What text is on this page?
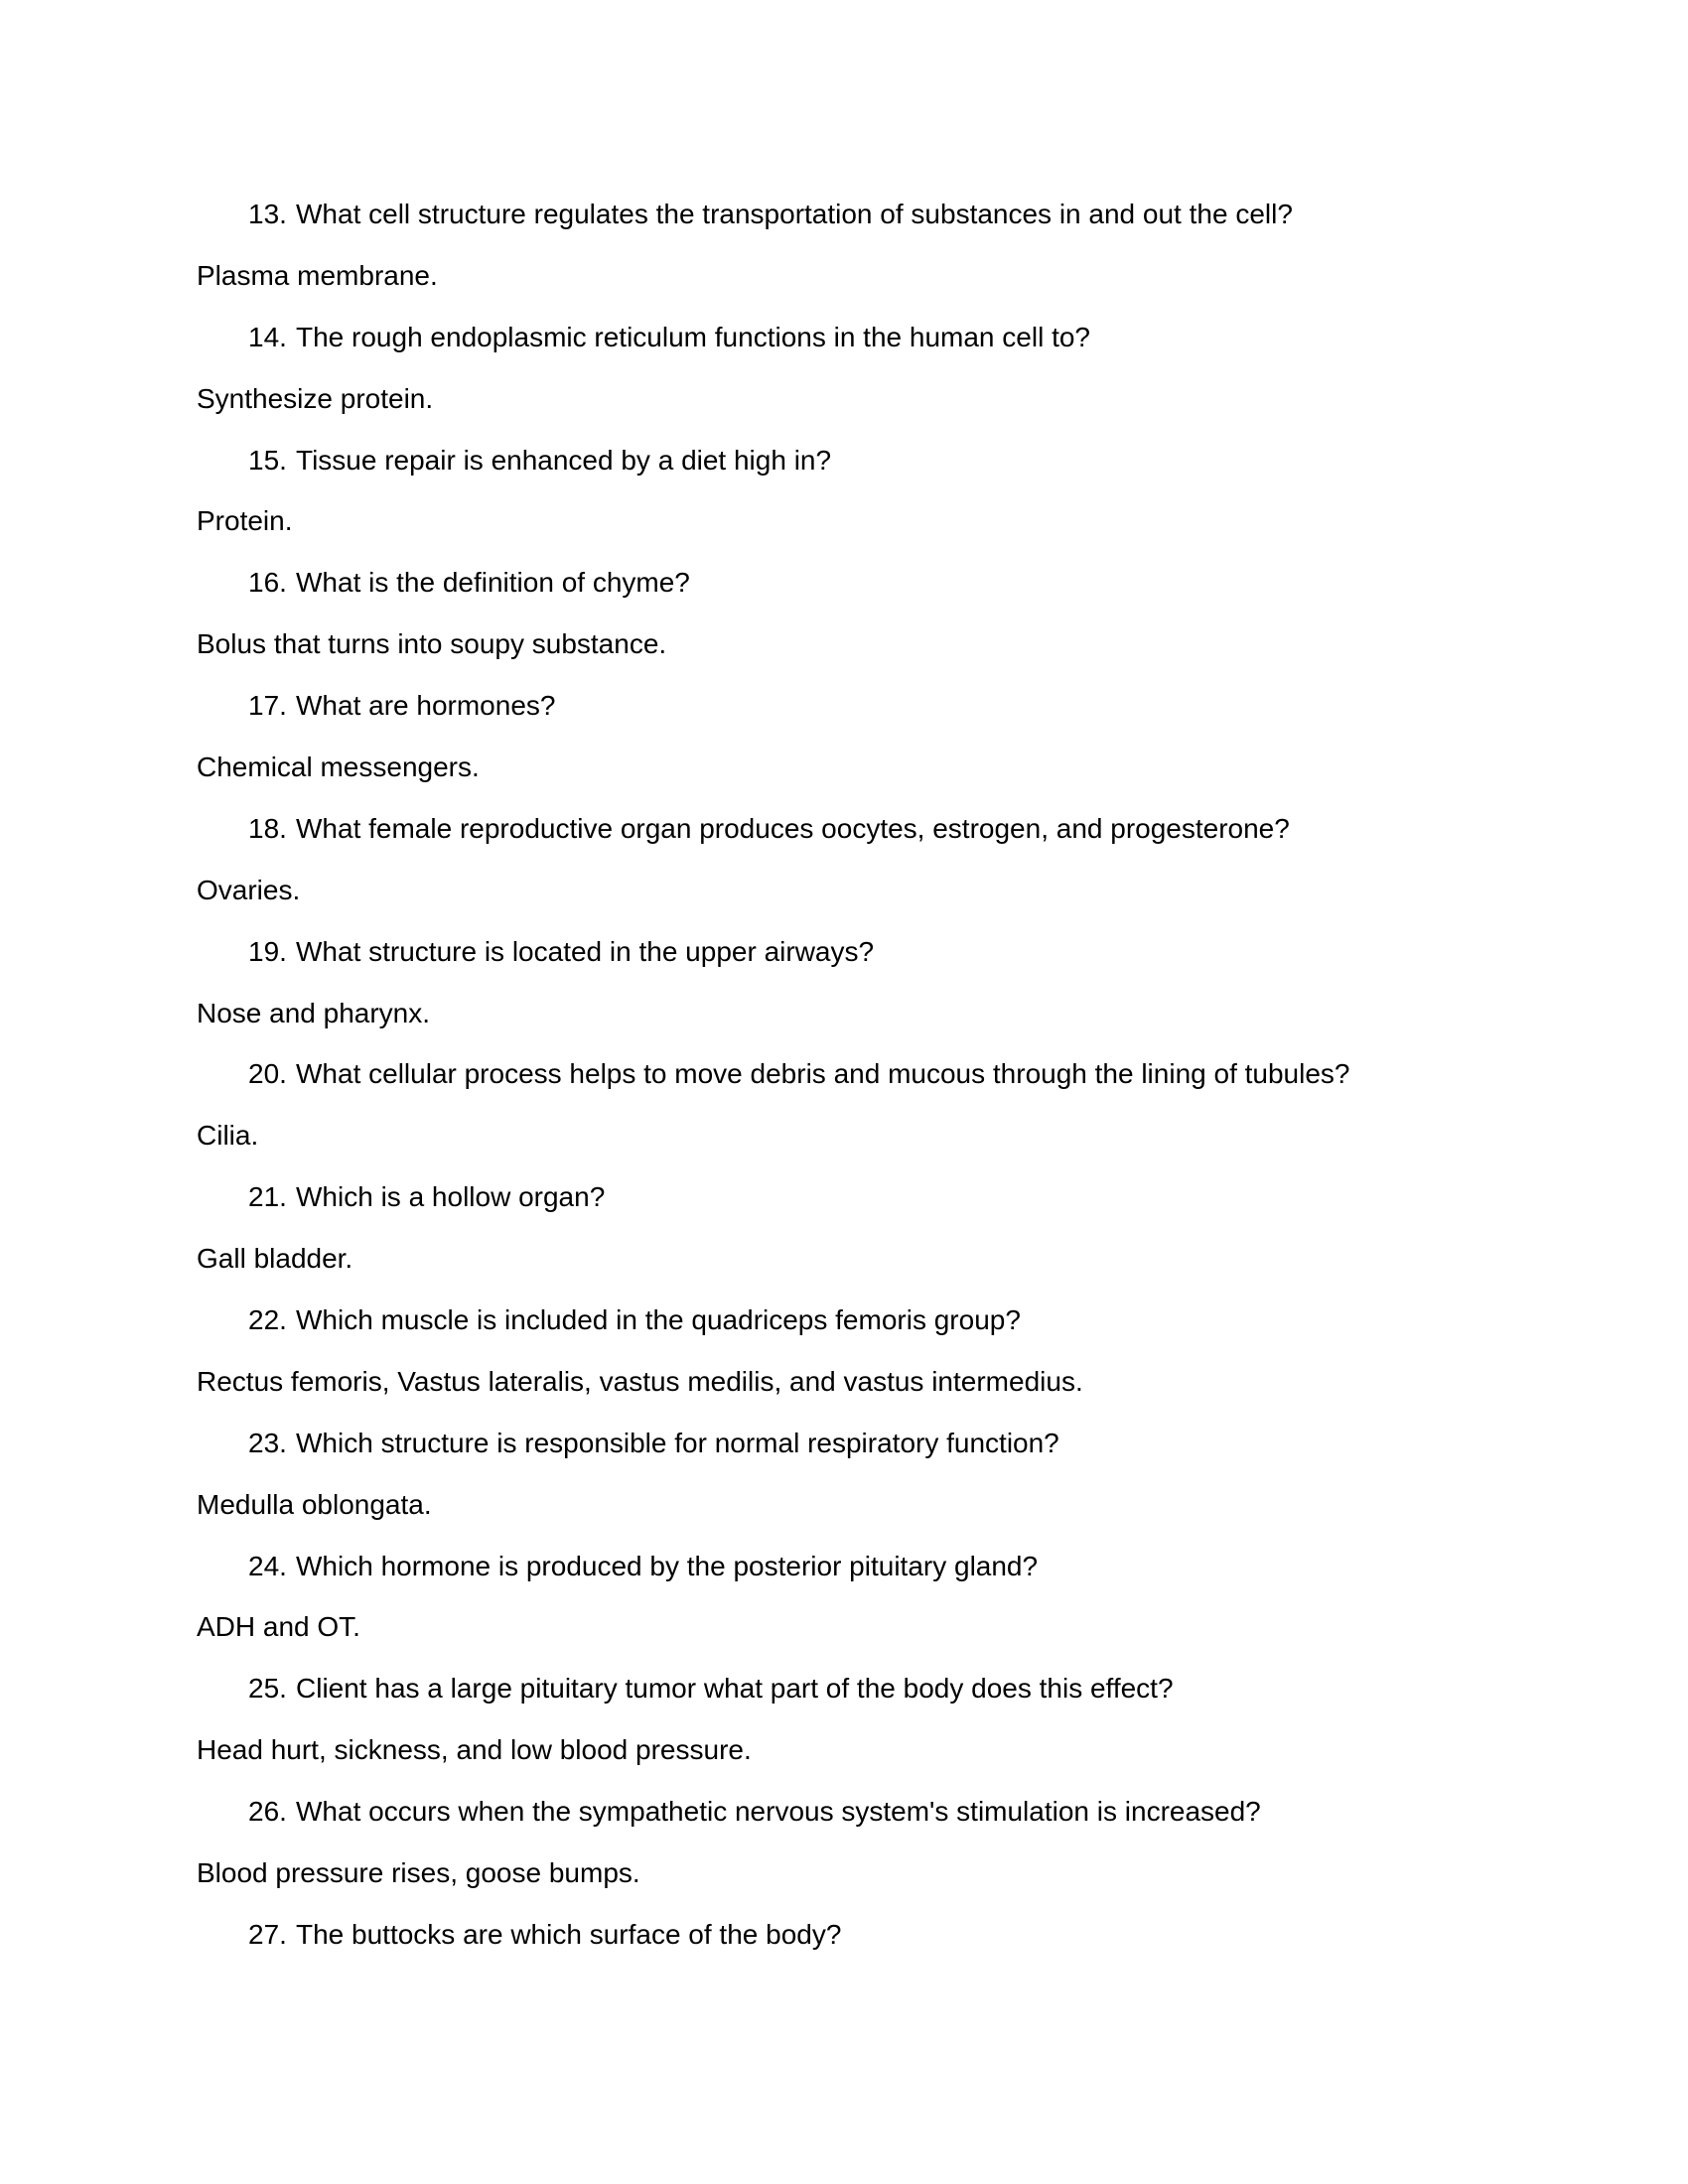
13. What cell structure regulates the transportation of substances in and out the cell?
Plasma membrane.
14. The rough endoplasmic reticulum functions in the human cell to?
Synthesize protein.
15. Tissue repair is enhanced by a diet high in?
Protein.
16. What is the definition of chyme?
Bolus that turns into soupy substance.
17. What are hormones?
Chemical messengers.
18. What female reproductive organ produces oocytes, estrogen, and progesterone?
Ovaries.
19. What structure is located in the upper airways?
Nose and pharynx.
20. What cellular process helps to move debris and mucous through the lining of tubules?
Cilia.
21. Which is a hollow organ?
Gall bladder.
22. Which muscle is included in the quadriceps femoris group?
Rectus femoris, Vastus lateralis, vastus medilis, and vastus intermedius.
23. Which structure is responsible for normal respiratory function?
Medulla oblongata.
24. Which hormone is produced by the posterior pituitary gland?
ADH and OT.
25. Client has a large pituitary tumor what part of the body does this effect?
Head hurt, sickness, and low blood pressure.
26. What occurs when the sympathetic nervous system's stimulation is increased?
Blood pressure rises, goose bumps.
27. The buttocks are which surface of the body?
